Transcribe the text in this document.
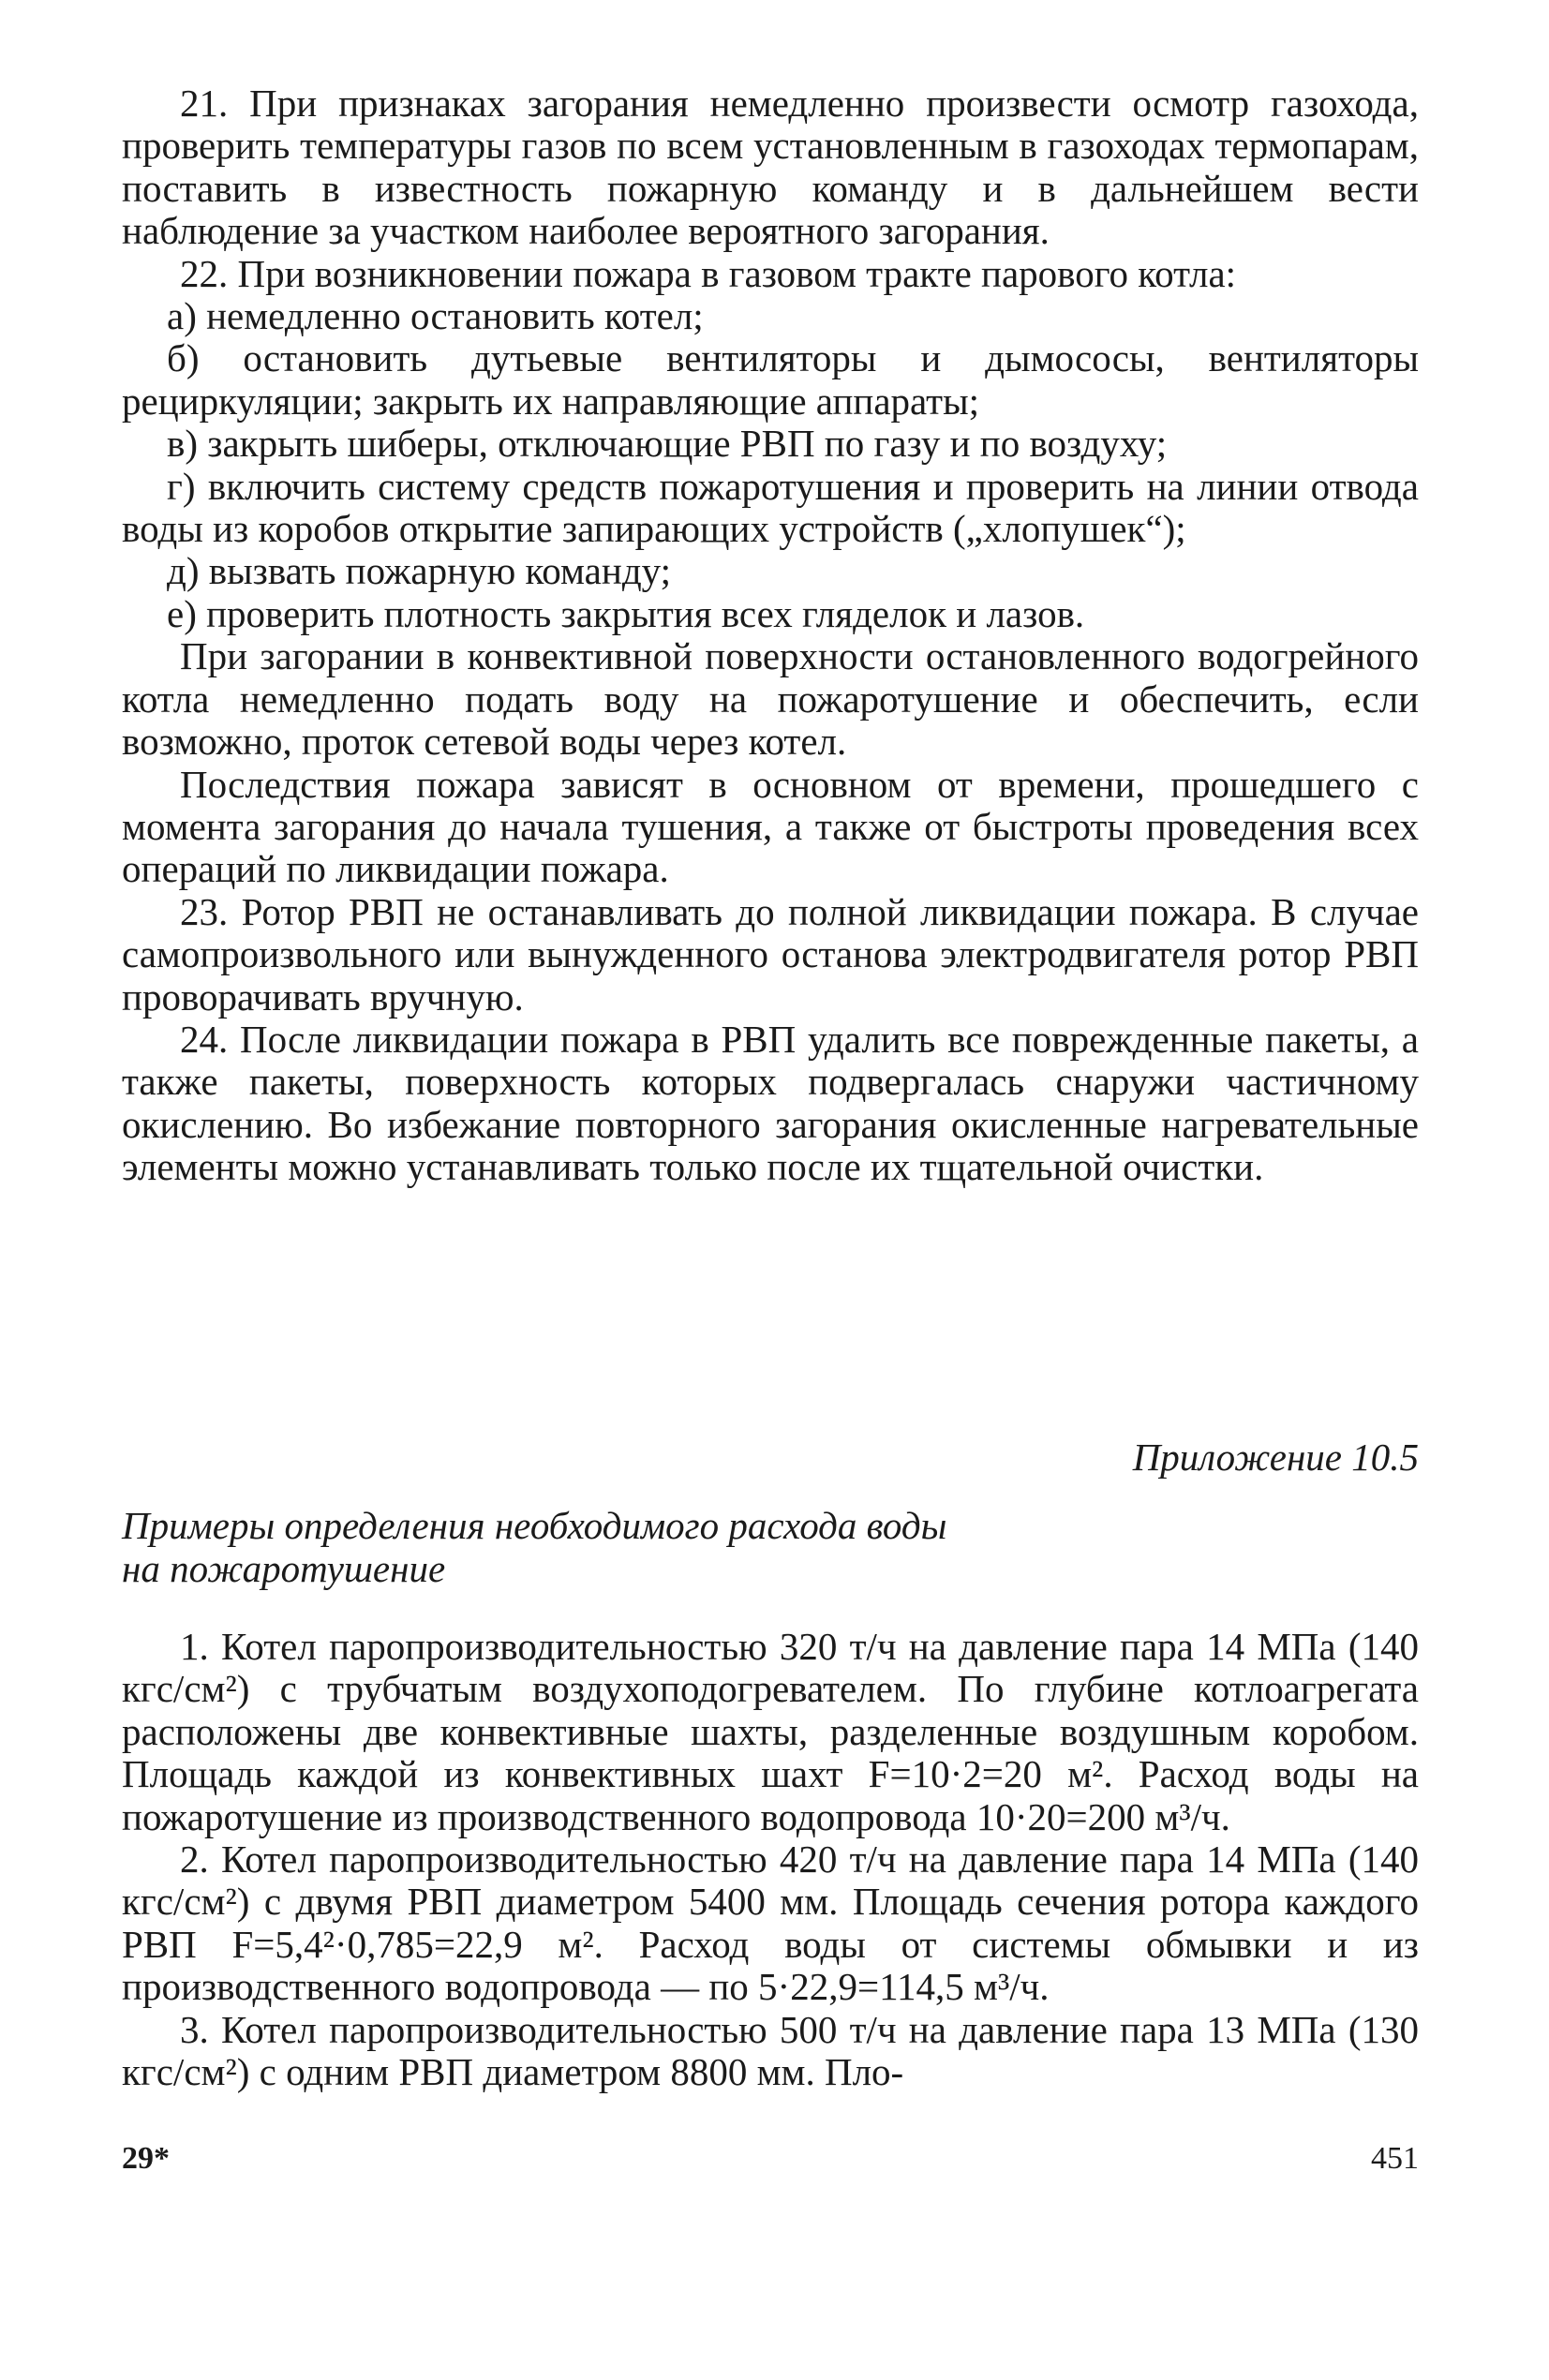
21. При признаках загорания немедленно произвести осмотр газохода, проверить температуры газов по всем установленным в газоходах термопарам, поставить в известность пожарную команду и в дальнейшем вести наблюдение за участком наиболее вероятного загорания.

22. При возникновении пожара в газовом тракте парового котла:

а) немедленно остановить котел;

б) остановить дутьевые вентиляторы и дымососы, вентиляторы рециркуляции; закрыть их направляющие аппараты;

в) закрыть шиберы, отключающие РВП по газу и по воздуху;

г) включить систему средств пожаротушения и проверить на линии отвода воды из коробов открытие запирающих устройств („хлопушек“);

д) вызвать пожарную команду;

е) проверить плотность закрытия всех гляделок и лазов.

При загорании в конвективной поверхности остановленного водогрейного котла немедленно подать воду на пожаротушение и обеспечить, если возможно, проток сетевой воды через котел.

Последствия пожара зависят в основном от времени, прошедшего с момента загорания до начала тушения, а также от быстроты проведения всех операций по ликвидации пожара.

23. Ротор РВП не останавливать до полной ликвидации пожара. В случае самопроизвольного или вынужденного останова электродвигателя ротор РВП проворачивать вручную.

24. После ликвидации пожара в РВП удалить все поврежденные пакеты, а также пакеты, поверхность которых подвергалась снаружи частичному окислению. Во избежание повторного загорания окисленные нагревательные элементы можно устанавливать только после их тщательной очистки.

Приложение 10.5
Примеры определения необходимого расхода воды
на пожаротушение

1. Котел паропроизводительностью 320 т/ч на давление пара 14 МПа (140 кгс/см²) с трубчатым воздухоподогревателем. По глубине котлоагрегата расположены две конвективные шахты, разделенные воздушным коробом. Площадь каждой из конвективных шахт F=10·2=20 м². Расход воды на пожаротушение из производственного водопровода 10·20=200 м³/ч.

2. Котел паропроизводительностью 420 т/ч на давление пара 14 МПа (140 кгс/см²) с двумя РВП диаметром 5400 мм. Площадь сечения ротора каждого РВП F=5,4²·0,785=22,9 м². Расход воды от системы обмывки и из производственного водопровода — по 5·22,9=114,5 м³/ч.

3. Котел паропроизводительностью 500 т/ч на давление пара 13 МПа (130 кгс/см²) с одним РВП диаметром 8800 мм. Пло-

29*	451
